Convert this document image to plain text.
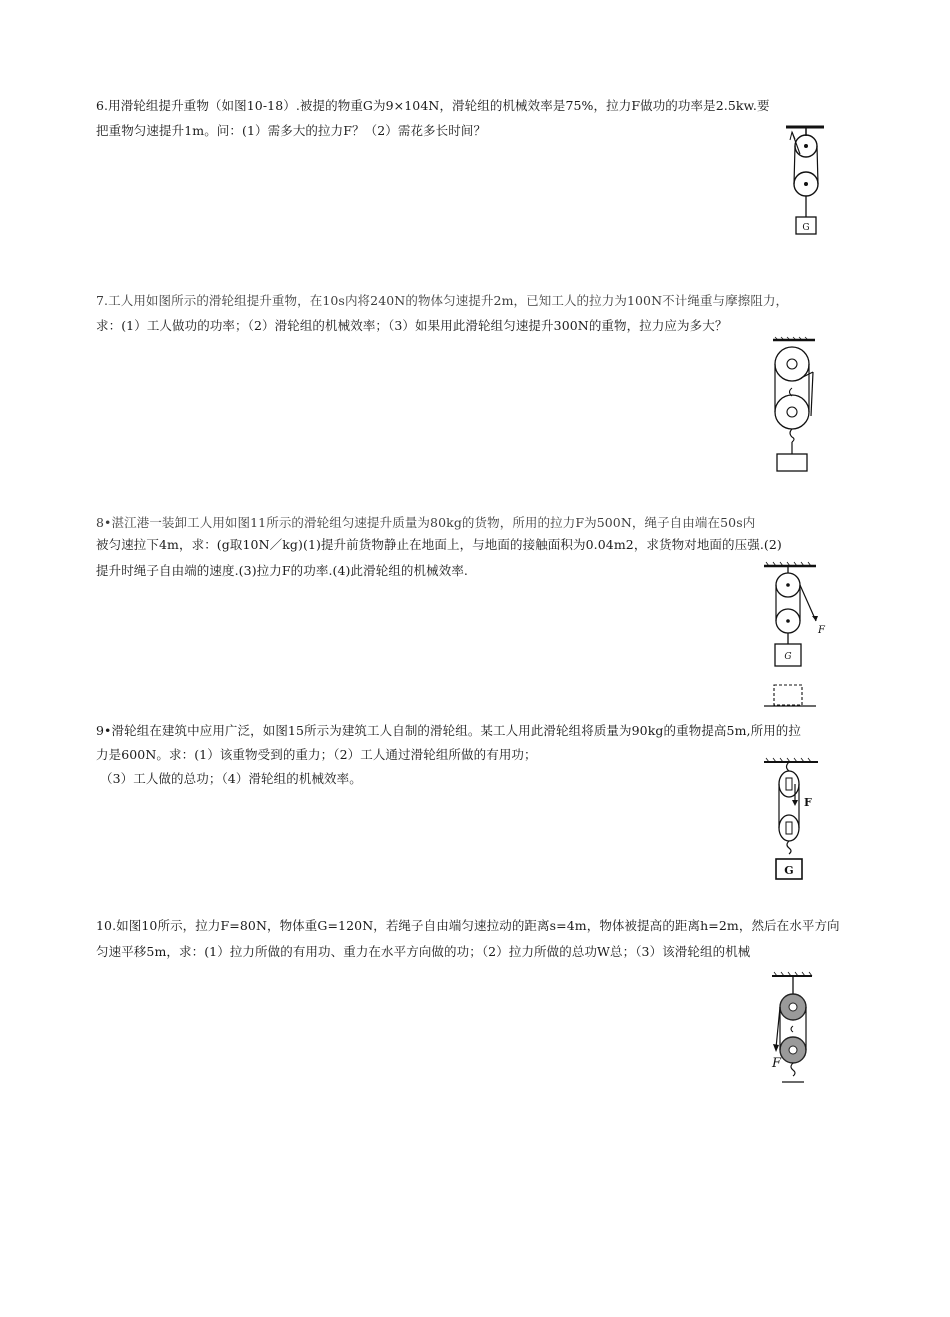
6.用滑轮组提升重物（如图10-18）.被提的物重G为9×104N，滑轮组的机械效率是75%，拉力F做功的功率是2.5kw.要
把重物匀速提升1m。问：(1）需多大的拉力F？（2）需花多长时间？
G
7.工人用如图所示的滑轮组提升重物，在10s内将240N的物体匀速提升2m，已知工人的拉力为100N不计绳重与摩擦阻力，
求：(1）工人做功的功率；（2）滑轮组的机械效率；（3）如果用此滑轮组匀速提升300N的重物，拉力应为多大？
8•湛江港一装卸工人用如图11所示的滑轮组匀速提升质量为80kg的货物，所用的拉力F为500N，绳子自由端在50s内
被匀速拉下4m，求：(g取10N／kg)(1)提升前货物静止在地面上，与地面的接触面积为0.04m2，求货物对地面的压强.(2)
提升时绳子自由端的速度.(3)拉力F的功率.(4)此滑轮组的机械效率.
F
G
9•滑轮组在建筑中应用广泛，如图15所示为建筑工人自制的滑轮组。某工人用此滑轮组将质量为90kg的重物提高5m,所用的拉
力是600N。求：(1）该重物受到的重力；（2）工人通过滑轮组所做的有用功；
（3）工人做的总功；（4）滑轮组的机械效率。
F
G
10.如图10所示，拉力F=80N，物体重G=120N，若绳子自由端匀速拉动的距离s=4m，物体被提高的距离h=2m，然后在水平方向
匀速平移5m，求：(1）拉力所做的有用功、重力在水平方向做的功；（2）拉力所做的总功W总；（3）该滑轮组的机械
F
